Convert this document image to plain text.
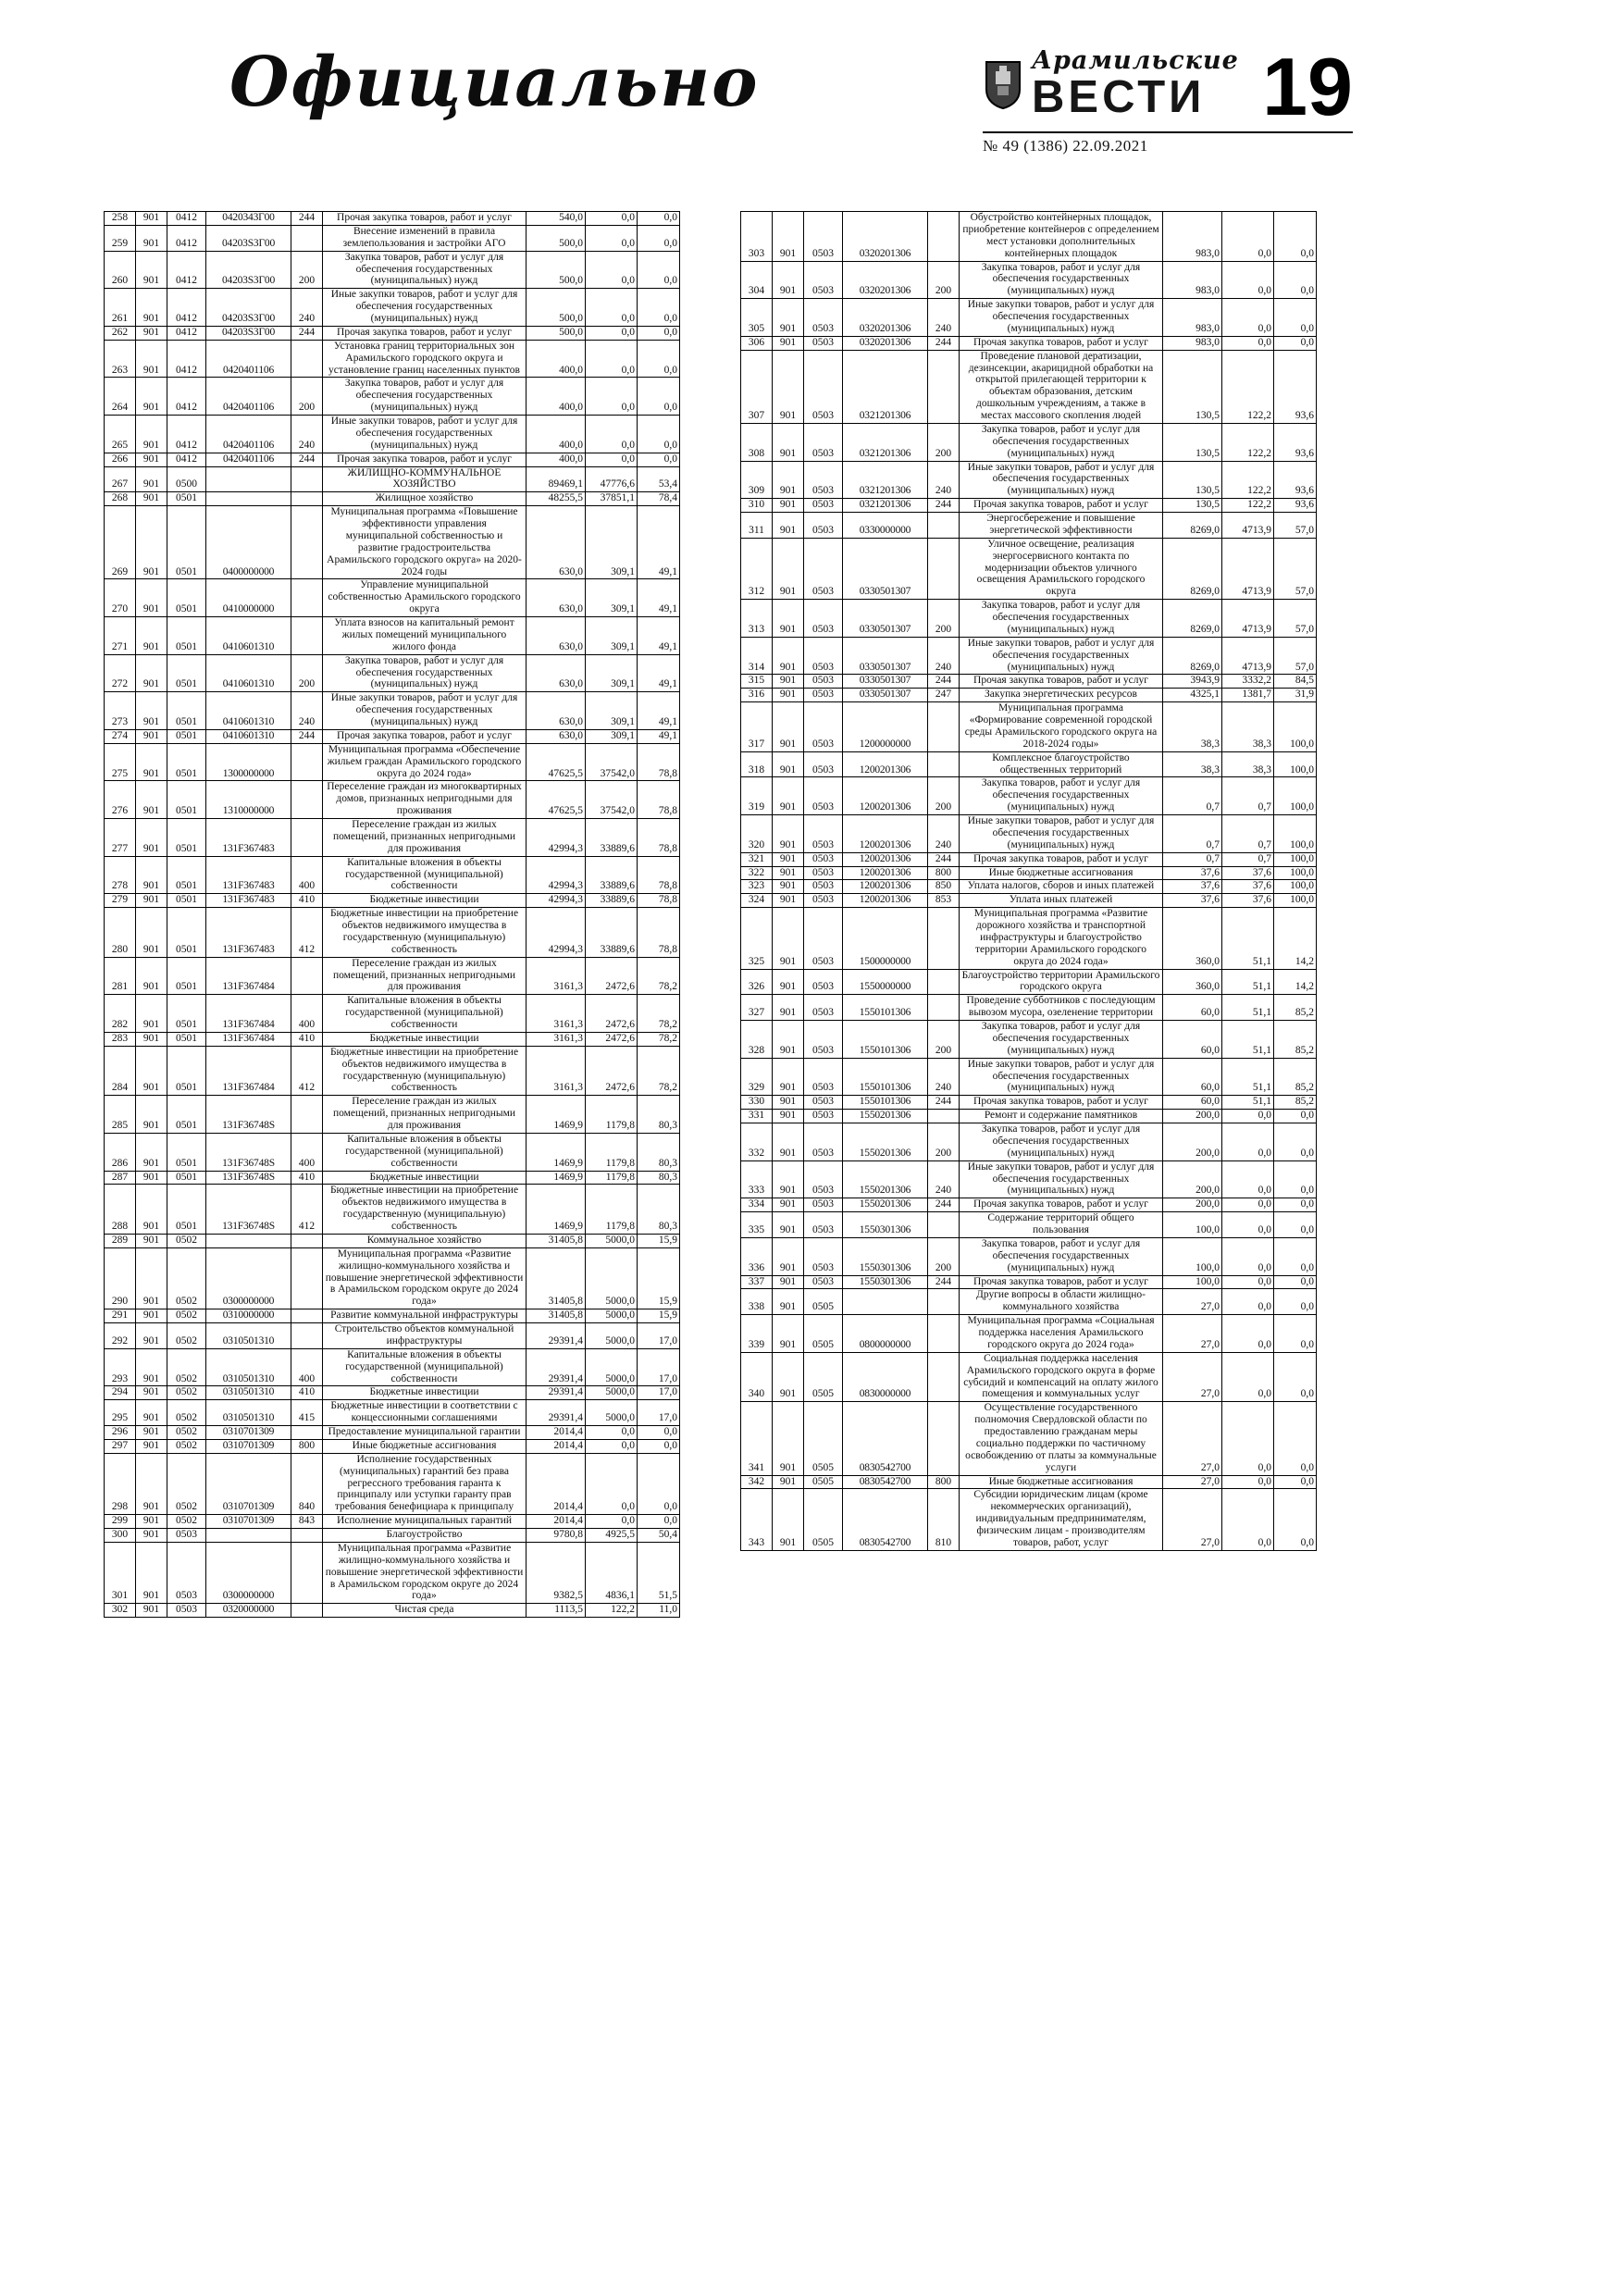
Официально	Арамильские
ВЕСТИ 19
№ 49 (1386) 22.09.2021
258	901	0412	0420343Г00	244	Прочая закупка товаров, работ и услуг	540,0	0,0	0,0
259	901	0412	04203S3Г00		Внесение изменений в правила землепользования и застройки АГО	500,0	0,0	0,0
260	901	0412	04203S3Г00	200	Закупка товаров, работ и услуг для обеспечения государственных (муниципальных) нужд	500,0	0,0	0,0
261	901	0412	04203S3Г00	240	Иные закупки товаров, работ и услуг для обеспечения государственных (муниципальных) нужд	500,0	0,0	0,0
262	901	0412	04203S3Г00	244	Прочая закупка товаров, работ и услуг	500,0	0,0	0,0
263	901	0412	0420401106		Установка границ территориальных зон Арамильского городского округа и установление границ населенных пунктов	400,0	0,0	0,0
264	901	0412	0420401106	200	Закупка товаров, работ и услуг для обеспечения государственных (муниципальных) нужд	400,0	0,0	0,0
265	901	0412	0420401106	240	Иные закупки товаров, работ и услуг для обеспечения государственных (муниципальных) нужд	400,0	0,0	0,0
266	901	0412	0420401106	244	Прочая закупка товаров, работ и услуг	400,0	0,0	0,0
267	901	0500			ЖИЛИЩНО-КОММУНАЛЬНОЕ ХОЗЯЙСТВО	89469,1	47776,6	53,4
268	901	0501			Жилищное хозяйство	48255,5	37851,1	78,4
269	901	0501	0400000000		Муниципальная программа «Повышение эффективности управления муниципальной собственностью и развитие градостроительства Арамильского городского округа» на 2020-2024 годы	630,0	309,1	49,1
270	901	0501	0410000000		Управление муниципальной собственностью Арамильского городского округа	630,0	309,1	49,1
271	901	0501	0410601310		Уплата взносов на капитальный ремонт жилых помещений муниципального жилого фонда	630,0	309,1	49,1
272	901	0501	0410601310	200	Закупка товаров, работ и услуг для обеспечения государственных (муниципальных) нужд	630,0	309,1	49,1
273	901	0501	0410601310	240	Иные закупки товаров, работ и услуг для обеспечения государственных (муниципальных) нужд	630,0	309,1	49,1
274	901	0501	0410601310	244	Прочая закупка товаров, работ и услуг	630,0	309,1	49,1
275	901	0501	1300000000		Муниципальная программа «Обеспечение жильем граждан Арамильского городского округа до 2024 года»	47625,5	37542,0	78,8
276	901	0501	1310000000		Переселение граждан из многоквартирных домов, признанных непригодными для проживания	47625,5	37542,0	78,8
277	901	0501	131F367483		Переселение граждан из жилых помещений, признанных непригодными для проживания	42994,3	33889,6	78,8
278	901	0501	131F367483	400	Капитальные вложения в объекты государственной (муниципальной) собственности	42994,3	33889,6	78,8
279	901	0501	131F367483	410	Бюджетные инвестиции	42994,3	33889,6	78,8
280	901	0501	131F367483	412	Бюджетные инвестиции на приобретение объектов недвижимого имущества в государственную (муниципальную) собственность	42994,3	33889,6	78,8
281	901	0501	131F367484		Переселение граждан из жилых помещений, признанных непригодными для проживания	3161,3	2472,6	78,2
282	901	0501	131F367484	400	Капитальные вложения в объекты государственной (муниципальной) собственности	3161,3	2472,6	78,2
283	901	0501	131F367484	410	Бюджетные инвестиции	3161,3	2472,6	78,2
284	901	0501	131F367484	412	Бюджетные инвестиции на приобретение объектов недвижимого имущества в государственную (муниципальную) собственность	3161,3	2472,6	78,2
285	901	0501	131F36748S		Переселение граждан из жилых помещений, признанных непригодными для проживания	1469,9	1179,8	80,3
286	901	0501	131F36748S	400	Капитальные вложения в объекты государственной (муниципальной) собственности	1469,9	1179,8	80,3
287	901	0501	131F36748S	410	Бюджетные инвестиции	1469,9	1179,8	80,3
288	901	0501	131F36748S	412	Бюджетные инвестиции на приобретение объектов недвижимого имущества в государственную (муниципальную) собственность	1469,9	1179,8	80,3
289	901	0502			Коммунальное хозяйство	31405,8	5000,0	15,9
290	901	0502	0300000000		Муниципальная программа «Развитие жилищно-коммунального хозяйства и повышение энергетической эффективности в Арамильском городском округе до 2024 года»	31405,8	5000,0	15,9
291	901	0502	0310000000		Развитие коммунальной инфраструктуры	31405,8	5000,0	15,9
292	901	0502	0310501310		Строительство объектов коммунальной инфраструктуры	29391,4	5000,0	17,0
293	901	0502	0310501310	400	Капитальные вложения в объекты государственной (муниципальной) собственности	29391,4	5000,0	17,0
294	901	0502	0310501310	410	Бюджетные инвестиции	29391,4	5000,0	17,0
295	901	0502	0310501310	415	Бюджетные инвестиции в соответствии с концессионными соглашениями	29391,4	5000,0	17,0
296	901	0502	0310701309		Предоставление муниципальной гарантии	2014,4	0,0	0,0
297	901	0502	0310701309	800	Иные бюджетные ассигнования	2014,4	0,0	0,0
298	901	0502	0310701309	840	Исполнение государственных (муниципальных) гарантий без права регрессного требования гаранта к принципалу или уступки гаранту прав требования бенефициара к принципалу	2014,4	0,0	0,0
299	901	0502	0310701309	843	Исполнение муниципальных гарантий	2014,4	0,0	0,0
300	901	0503			Благоустройство	9780,8	4925,5	50,4
301	901	0503	0300000000		Муниципальная программа «Развитие жилищно-коммунального хозяйства и повышение энергетической эффективности в Арамильском городском округе до 2024 года»	9382,5	4836,1	51,5
302	901	0503	0320000000		Чистая среда	1113,5	122,2	11,0
303	901	0503	0320201306		Обустройство контейнерных площадок, приобретение контейнеров с определением мест установки дополнительных контейнерных площадок	983,0	0,0	0,0
304	901	0503	0320201306	200	Закупка товаров, работ и услуг для обеспечения государственных (муниципальных) нужд	983,0	0,0	0,0
305	901	0503	0320201306	240	Иные закупки товаров, работ и услуг для обеспечения государственных (муниципальных) нужд	983,0	0,0	0,0
306	901	0503	0320201306	244	Прочая закупка товаров, работ и услуг	983,0	0,0	0,0
307	901	0503	0321201306		Проведение плановой дератизации, дезинсекции, акарицидной обработки на открытой прилегающей территории к объектам образования, детским дошкольным учреждениям, а также в местах массового скопления людей	130,5	122,2	93,6
308	901	0503	0321201306	200	Закупка товаров, работ и услуг для обеспечения государственных (муниципальных) нужд	130,5	122,2	93,6
309	901	0503	0321201306	240	Иные закупки товаров, работ и услуг для обеспечения государственных (муниципальных) нужд	130,5	122,2	93,6
310	901	0503	0321201306	244	Прочая закупка товаров, работ и услуг	130,5	122,2	93,6
311	901	0503	0330000000		Энергосбережение и повышение энергетической эффективности	8269,0	4713,9	57,0
312	901	0503	0330501307		Уличное освещение, реализация энергосервисного контакта по модернизации объектов уличного освещения Арамильского городского округа	8269,0	4713,9	57,0
313	901	0503	0330501307	200	Закупка товаров, работ и услуг для обеспечения государственных (муниципальных) нужд	8269,0	4713,9	57,0
314	901	0503	0330501307	240	Иные закупки товаров, работ и услуг для обеспечения государственных (муниципальных) нужд	8269,0	4713,9	57,0
315	901	0503	0330501307	244	Прочая закупка товаров, работ и услуг	3943,9	3332,2	84,5
316	901	0503	0330501307	247	Закупка энергетических ресурсов	4325,1	1381,7	31,9
317	901	0503	1200000000		Муниципальная программа «Формирование современной городской среды Арамильского городского округа на 2018-2024 годы»	38,3	38,3	100,0
318	901	0503	1200201306		Комплексное благоустройство общественных территорий	38,3	38,3	100,0
319	901	0503	1200201306	200	Закупка товаров, работ и услуг для обеспечения государственных (муниципальных) нужд	0,7	0,7	100,0
320	901	0503	1200201306	240	Иные закупки товаров, работ и услуг для обеспечения государственных (муниципальных) нужд	0,7	0,7	100,0
321	901	0503	1200201306	244	Прочая закупка товаров, работ и услуг	0,7	0,7	100,0
322	901	0503	1200201306	800	Иные бюджетные ассигнования	37,6	37,6	100,0
323	901	0503	1200201306	850	Уплата налогов, сборов и иных платежей	37,6	37,6	100,0
324	901	0503	1200201306	853	Уплата иных платежей	37,6	37,6	100,0
325	901	0503	1500000000		Муниципальная программа «Развитие дорожного хозяйства и транспортной инфраструктуры и благоустройство территории Арамильского городского округа до 2024 года»	360,0	51,1	14,2
326	901	0503	1550000000		Благоустройство территории Арамильского городского округа	360,0	51,1	14,2
327	901	0503	1550101306		Проведение субботников с последующим вывозом мусора, озеленение территории	60,0	51,1	85,2
328	901	0503	1550101306	200	Закупка товаров, работ и услуг для обеспечения государственных (муниципальных) нужд	60,0	51,1	85,2
329	901	0503	1550101306	240	Иные закупки товаров, работ и услуг для обеспечения государственных (муниципальных) нужд	60,0	51,1	85,2
330	901	0503	1550101306	244	Прочая закупка товаров, работ и услуг	60,0	51,1	85,2
331	901	0503	1550201306		Ремонт и содержание памятников	200,0	0,0	0,0
332	901	0503	1550201306	200	Закупка товаров, работ и услуг для обеспечения государственных (муниципальных) нужд	200,0	0,0	0,0
333	901	0503	1550201306	240	Иные закупки товаров, работ и услуг для обеспечения государственных (муниципальных) нужд	200,0	0,0	0,0
334	901	0503	1550201306	244	Прочая закупка товаров, работ и услуг	200,0	0,0	0,0
335	901	0503	1550301306		Содержание территорий общего пользования	100,0	0,0	0,0
336	901	0503	1550301306	200	Закупка товаров, работ и услуг для обеспечения государственных (муниципальных) нужд	100,0	0,0	0,0
337	901	0503	1550301306	244	Прочая закупка товаров, работ и услуг	100,0	0,0	0,0
338	901	0505			Другие вопросы в области жилищно-коммунального хозяйства	27,0	0,0	0,0
339	901	0505	0800000000		Муниципальная программа «Социальная поддержка населения Арамильского городского округа до 2024 года»	27,0	0,0	0,0
340	901	0505	0830000000		Социальная поддержка населения Арамильского городского округа в форме субсидий и компенсаций на оплату жилого помещения и коммунальных услуг	27,0	0,0	0,0
341	901	0505	0830542700		Осуществление государственного полномочия Свердловской области по предоставлению гражданам меры социально поддержки по частичному освобождению от платы за коммунальные услуги	27,0	0,0	0,0
342	901	0505	0830542700	800	Иные бюджетные ассигнования	27,0	0,0	0,0
343	901	0505	0830542700	810	Субсидии юридическим лицам (кроме некоммерческих организаций), индивидуальным предпринимателям, физическим лицам - производителям товаров, работ, услуг	27,0	0,0	0,0
